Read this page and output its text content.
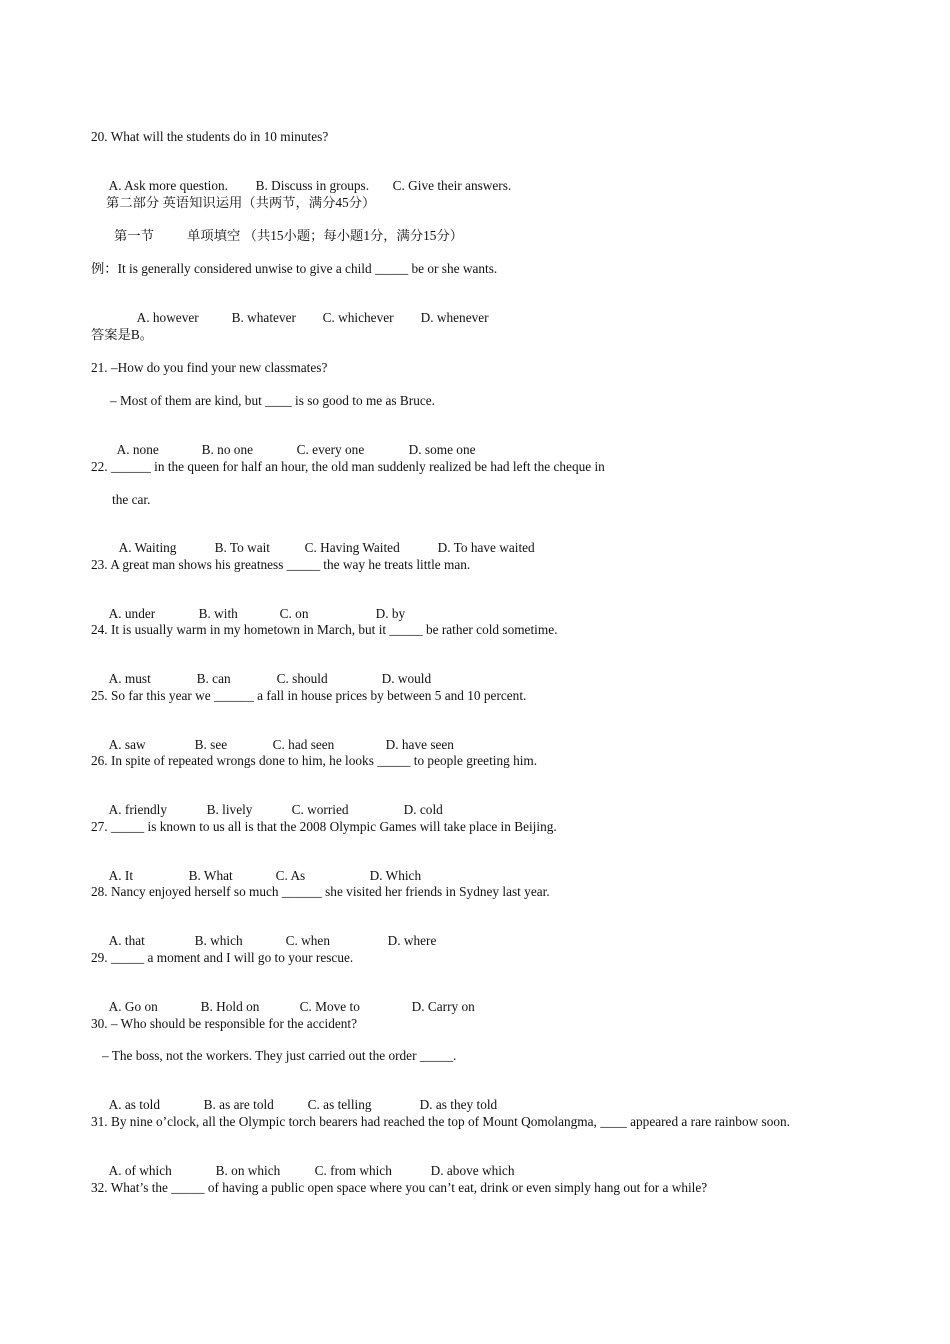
20. What will the students do in 10 minutes?

A. Ask more question. B. Discuss in groups. C. Give their answers.

第二部分 英语知识运用（共两节，满分45分）
第一节          单项填空 （共15小题；每小题1分，满分15分）
例：It is generally considered unwise to give a child _____ be or she wants.

A. however B. whatever C. whichever D. whenever

答案是B。
21. –How do you find your new classmates?
– Most of them are kind, but ____ is so good to me as Bruce.

A. none	B. no one	C. every one	D. some one

22. ______ in the queen for half an hour, the old man suddenly realized be had left the cheque in
the car.

A. Waiting	B. To wait	C. Having Waited	D. To have waited

23. A great man shows his greatness _____ the way he treats little man.

A. under	B. with	C. on	D. by

24. It is usually warm in my hometown in March, but it _____ be rather cold sometime.

A. must	B. can	C. should	D. would

25. So far this year we ______ a fall in house prices by between 5 and 10 percent.

A. saw	B. see	C. had seen	D. have seen

26. In spite of repeated wrongs done to him, he looks _____ to people greeting him.

A. friendly	B. lively	C. worried	D. cold

27. _____ is known to us all is that the 2008 Olympic Games will take place in Beijing.

A. It	B. What	C. As	D. Which

28. Nancy enjoyed herself so much ______ she visited her friends in Sydney last year.

A. that	B. which	C. when	D. where

29. _____ a moment and I will go to your rescue.

A. Go on	B. Hold on	C. Move to	D. Carry on

30. – Who should be responsible for the accident?
– The boss, not the workers. They just carried out the order _____.

A. as told	B. as are told	C. as telling	D. as they told

31. By nine o’clock, all the Olympic torch bearers had reached the top of Mount Qomolangma, ____ appeared a rare rainbow soon.

A. of which	B. on which	C. from which	D. above which

32. What’s the _____ of having a public open space where you can’t eat, drink or even simply hang out for a while?
